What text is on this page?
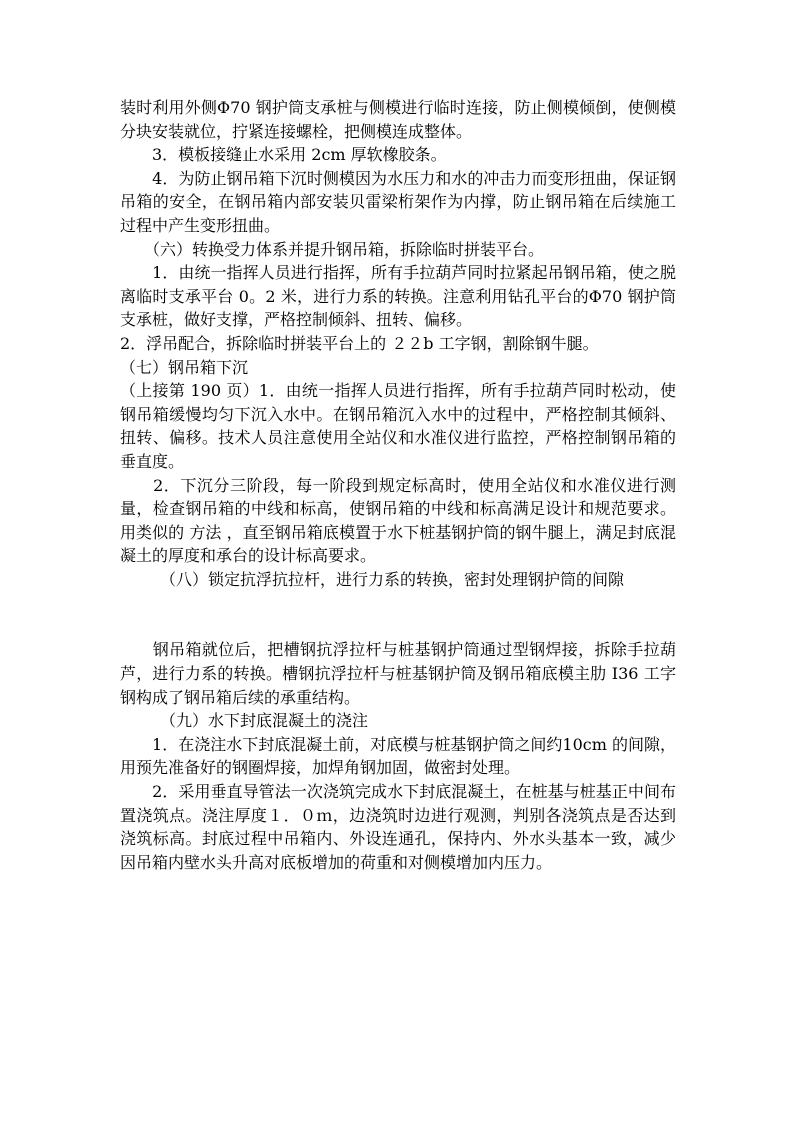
装时利用外侧Φ70 钢护筒支承桩与侧模进行临时连接，防止侧模倾倒，使侧模分块安装就位，拧紧连接螺栓，把侧模连成整体。

　　3．模板接缝止水采用 2cm 厚软橡胶条。

　　4．为防止钢吊箱下沉时侧模因为水压力和水的冲击力而变形扭曲，保证钢吊箱的安全，在钢吊箱内部安装贝雷梁桁架作为内撑，防止钢吊箱在后续施工过程中产生变形扭曲。

　　（六）转换受力体系并提升钢吊箱，拆除临时拼装平台。

　　1．由统一指挥人员进行指挥，所有手拉葫芦同时拉紧起吊钢吊箱，使之脱离临时支承平台 0。2 米，进行力系的转换。注意利用钻孔平台的Φ70 钢护筒支承桩，做好支撑，严格控制倾斜、扭转、偏移。

2．浮吊配合，拆除临时拼装平台上的 ２２b 工字钢，割除钢牛腿。

（七）钢吊箱下沉

（上接第 190 页）1．由统一指挥人员进行指挥，所有手拉葫芦同时松动，使钢吊箱缓慢均匀下沉入水中。在钢吊箱沉入水中的过程中，严格控制其倾斜、扭转、偏移。技术人员注意使用全站仪和水准仪进行监控，严格控制钢吊箱的垂直度。

　　2．下沉分三阶段，每一阶段到规定标高时，使用全站仪和水准仪进行测量，检查钢吊箱的中线和标高，使钢吊箱的中线和标高满足设计和规范要求。用类似的 方法 ，直至钢吊箱底模置于水下桩基钢护筒的钢牛腿上，满足封底混凝土的厚度和承台的设计标高要求。

　　　（八）锁定抗浮抗拉杆，进行力系的转换，密封处理钢护筒的间隙

　　钢吊箱就位后，把槽钢抗浮拉杆与桩基钢护筒通过型钢焊接，拆除手拉葫芦，进行力系的转换。槽钢抗浮拉杆与桩基钢护筒及钢吊箱底模主肋 I36 工字钢构成了钢吊箱后续的承重结构。

　　　（九）水下封底混凝土的浇注

　　1．在浇注水下封底混凝土前，对底模与桩基钢护筒之间约10cm 的间隙，用预先准备好的钢圈焊接，加焊角钢加固，做密封处理。

　　2．采用垂直导管法一次浇筑完成水下封底混凝土，在桩基与桩基正中间布置浇筑点。浇注厚度１．０ｍ，边浇筑时边进行观测，判别各浇筑点是否达到浇筑标高。封底过程中吊箱内、外设连通孔，保持内、外水头基本一致，减少因吊箱内壁水头升高对底板增加的荷重和对侧模增加内压力。
